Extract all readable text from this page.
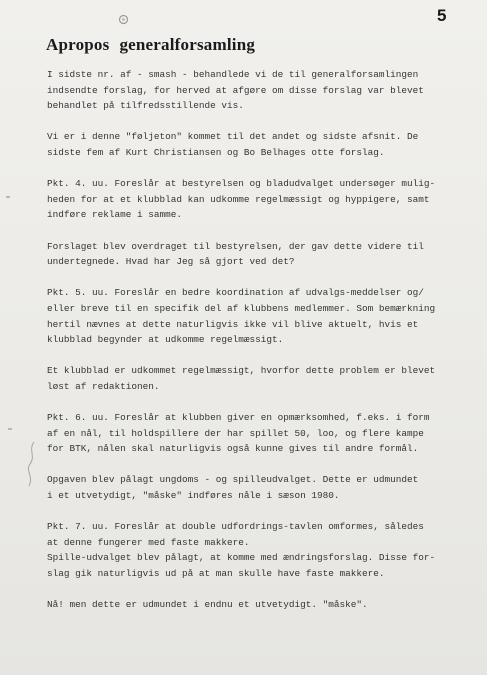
5
Apropos generalforsamling

I sidste nr. af - smash - behandlede vi de til generalforsamlingen
indsendte forslag, for herved at afgøre om disse forslag var blevet
behandlet på tilfredsstillende vis.

Vi er i denne "føljeton" kommet til det andet og sidste afsnit. De
sidste fem af Kurt Christiansen og Bo Belhages otte forslag.

Pkt. 4. uu. Foreslår at bestyrelsen og bladudvalget undersøger mulig-
heden for at et klubblad kan udkomme regelmæssigt og hyppigere, samt
indføre reklame i samme.

Forslaget blev overdraget til bestyrelsen, der gav dette videre til
undertegnede. Hvad har Jeg så gjort ved det?

Pkt. 5. uu. Foreslår en bedre koordination af udvalgs-meddelser og/
eller breve til en specifik del af klubbens medlemmer. Som bemærkning
hertil nævnes at dette naturligvis ikke vil blive aktuelt, hvis et
klubblad begynder at udkomme regelmæssigt.

Et klubblad er udkommet regelmæssigt, hvorfor dette problem er blevet
løst af redaktionen.

Pkt. 6. uu. Foreslår at klubben giver en opmærksomhed, f.eks. i form
af en nål, til holdspillere der har spillet 50, loo, og flere kampe
for BTK, nålen skal naturligvis også kunne gives til andre formål.

Opgaven blev pålagt ungdoms - og spilleudvalget. Dette er udmundet
i et utvetydigt, "måske" indføres nåle i sæson 1980.

Pkt. 7. uu. Foreslår at double udfordrings-tavlen omformes, således
at denne fungerer med faste makkere.
Spille-udvalget blev pålagt, at komme med ændringsforslag. Disse for-
slag gik naturligvis ud på at man skulle have faste makkere.

Nå! men dette er udmundet i endnu et utvetydigt. "måske".
